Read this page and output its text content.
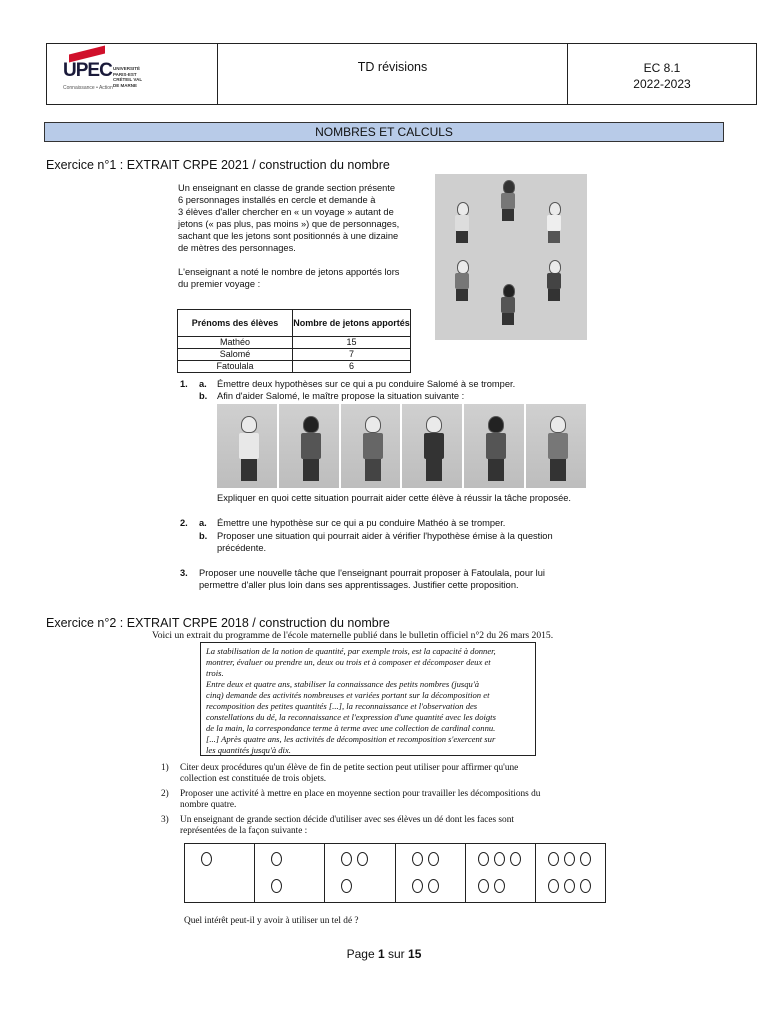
UPEC UNIVERSITÉ PARIS-EST CRÉTEIL VAL DE MARNE
Connaissance • Action
TD révisions	EC 8.1
2022-2023
NOMBRES ET CALCULS
Exercice n°1 : EXTRAIT CRPE 2021 / construction du nombre
Un enseignant en classe de grande section présente
6 personnages installés en cercle et demande à
3 élèves d'aller chercher en « un voyage » autant de
jetons (« pas plus, pas moins ») que de personnages,
sachant que les jetons sont positionnés à une dizaine
de mètres des personnages.
L'enseignant a noté le nombre de jetons apportés lors
du premier voyage :
Prénoms des élèves	Nombre de jetons apportés
Mathéo	15
Salomé	7
Fatoulala	6
1. a. Émettre deux hypothèses sur ce qui a pu conduire Salomé à se tromper.
b. Afin d'aider Salomé, le maître propose la situation suivante :
Expliquer en quoi cette situation pourrait aider cette élève à réussir la tâche proposée.
2. a. Émettre une hypothèse sur ce qui a pu conduire Mathéo à se tromper.
b. Proposer une situation qui pourrait aider à vérifier l'hypothèse émise à la question
précédente.
3. Proposer une nouvelle tâche que l'enseignant pourrait proposer à Fatoulala, pour lui
permettre d'aller plus loin dans ses apprentissages. Justifier cette proposition.
Exercice n°2 : EXTRAIT CRPE 2018 / construction du nombre
Voici un extrait du programme de l'école maternelle publié dans le bulletin officiel n°2 du 26 mars 2015.
La stabilisation de la notion de quantité, par exemple trois, est la capacité à donner,
montrer, évaluer ou prendre un, deux ou trois et à composer et décomposer deux et
trois.
Entre deux et quatre ans, stabiliser la connaissance des petits nombres (jusqu'à
cinq) demande des activités nombreuses et variées portant sur la décomposition et
recomposition des petites quantités [...], la reconnaissance et l'observation des
constellations du dé, la reconnaissance et l'expression d'une quantité avec les doigts
de la main, la correspondance terme à terme avec une collection de cardinal connu.
[...] Après quatre ans, les activités de décomposition et recomposition s'exercent sur
les quantités jusqu'à dix.
1) Citer deux procédures qu'un élève de fin de petite section peut utiliser pour affirmer qu'une
collection est constituée de trois objets.
2) Proposer une activité à mettre en place en moyenne section pour travailler les décompositions du
nombre quatre.
3) Un enseignant de grande section décide d'utiliser avec ses élèves un dé dont les faces sont
représentées de la façon suivante :
Quel intérêt peut-il y avoir à utiliser un tel dé ?
Page 1 sur 15
